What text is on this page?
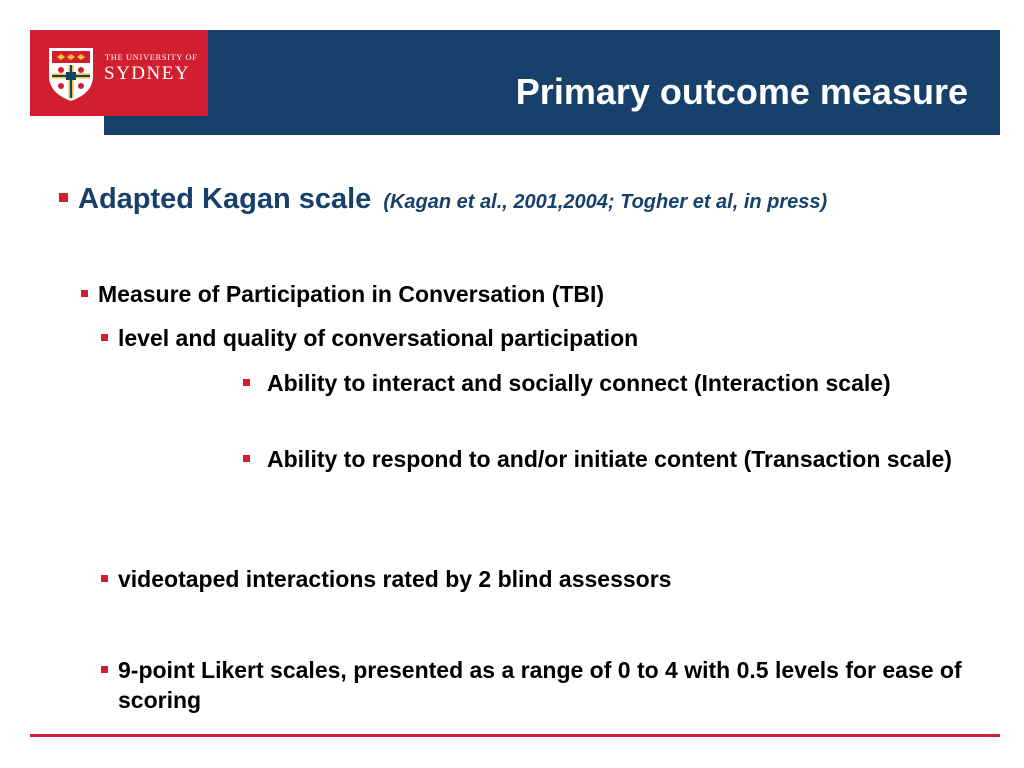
Primary outcome measure
THE UNIVERSITY OF
SYDNEY
Adapted Kagan scale (Kagan et al., 2001,2004; Togher et al, in press)
Measure of Participation in Conversation (TBI)
level and quality of conversational participation
Ability to interact and socially connect (Interaction scale)
Ability to respond to and/or initiate content (Transaction scale)
videotaped interactions rated by 2 blind assessors
9-point Likert scales, presented as a range of 0 to 4 with 0.5 levels for ease of scoring
